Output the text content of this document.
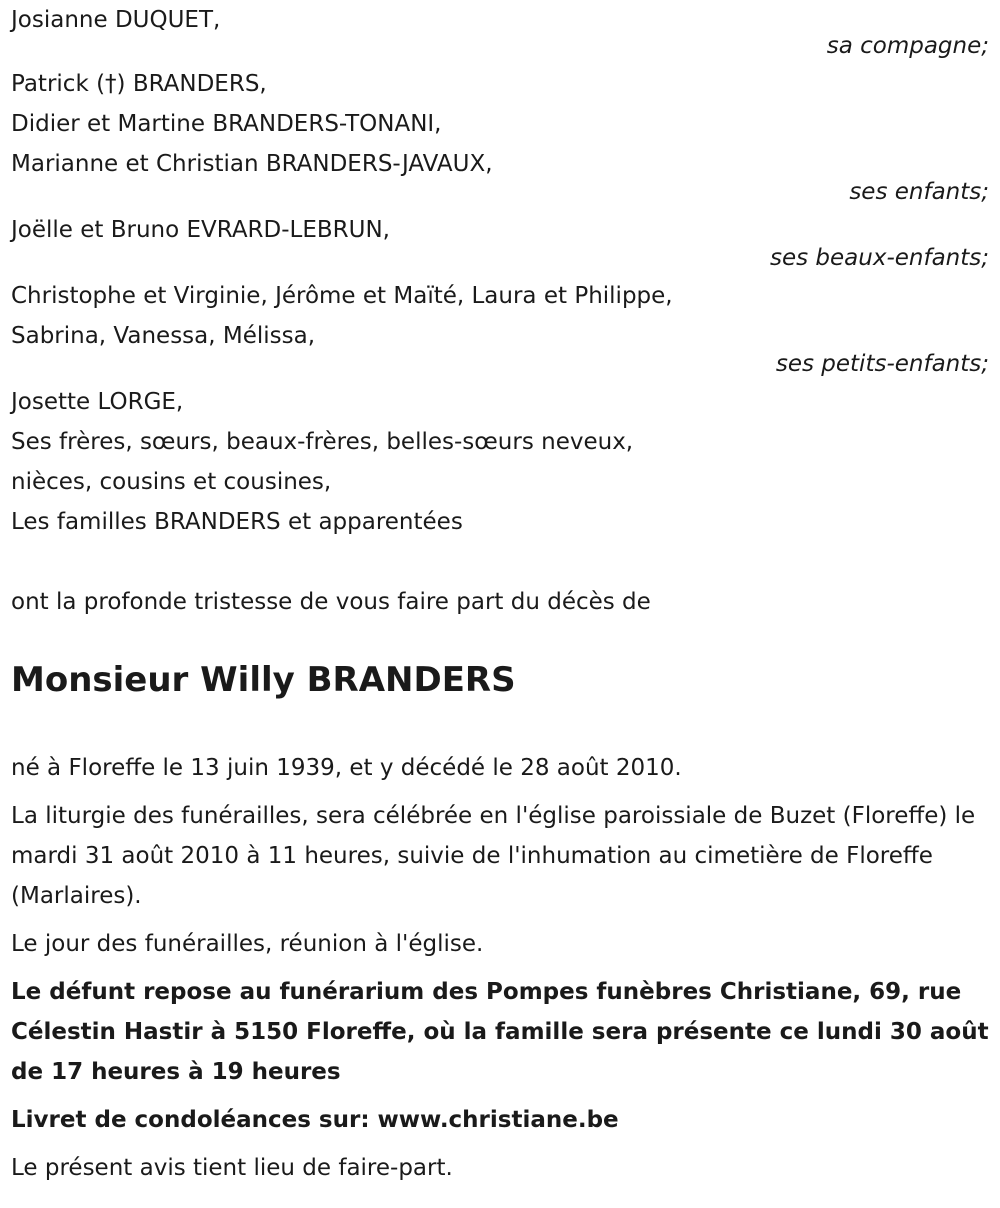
Josianne DUQUET,

sa compagne;

Patrick (†) BRANDERS,

Didier et Martine BRANDERS-TONANI,

Marianne et Christian BRANDERS-JAVAUX,

ses enfants;

Joëlle et Bruno EVRARD-LEBRUN,

ses beaux-enfants;

Christophe et Virginie, Jérôme et Maïté, Laura et Philippe,

Sabrina, Vanessa, Mélissa,

ses petits-enfants;

Josette LORGE,

Ses frères, sœurs, beaux-frères, belles-sœurs neveux,

nièces, cousins et cousines,

Les familles BRANDERS et apparentées

ont la profonde tristesse de vous faire part du décès de

Monsieur Willy BRANDERS

né à Floreffe le 13 juin 1939, et y décédé le 28 août 2010.

La liturgie des funérailles, sera célébrée en l'église paroissiale de Buzet (Floreffe) le mardi 31 août 2010 à 11 heures, suivie de l'inhumation au cimetière de Floreffe (Marlaires).

Le jour des funérailles, réunion à l'église.

Le défunt repose au funérarium des Pompes funèbres Christiane, 69, rue Célestin Hastir à 5150 Floreffe, où la famille sera présente ce lundi 30 août de 17 heures à 19 heures

Livret de condoléances sur: www.christiane.be

Le présent avis tient lieu de faire-part.
